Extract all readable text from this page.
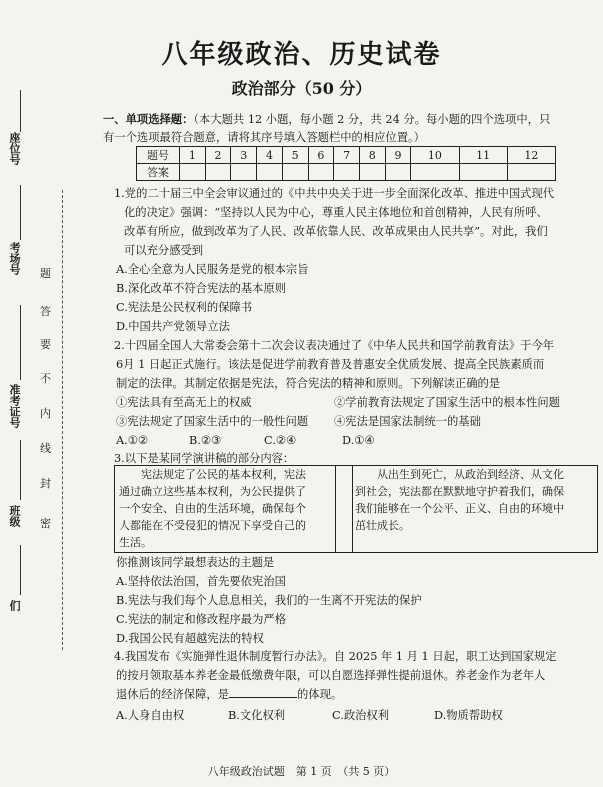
座位号
考场号
准考证号
班级
们
题
答
要
不
内
线
封
密
八年级政治、历史试卷
政治部分（50 分）
一、单项选择题：（本大题共 12 小题，每小题 2 分，共 24 分。每小题的四个选项中，只
有一个选项最符合题意，请将其序号填入答题栏中的相应位置。）
题号	1	2	3	4	5	6	7	8	9	10	11	12
答案												
1.党的二十届三中全会审议通过的《中共中央关于进一步全面深化改革、推进中国式现代
化的决定》强调：“坚持以人民为中心，尊重人民主体地位和首创精神，人民有所呼、
改革有所应，做到改革为了人民、改革依靠人民、改革成果由人民共享”。对此，我们
可以充分感受到
A.全心全意为人民服务是党的根本宗旨
B.深化改革不符合宪法的基本原则
C.宪法是公民权利的保障书
D.中国共产党领导立法
2.十四届全国人大常委会第十二次会议表决通过了《中华人民共和国学前教育法》于今年
6月 1 日起正式施行。该法是促进学前教育普及普惠安全优质发展、提高全民族素质而
制定的法律。其制定依据是宪法，符合宪法的精神和原则。下列解读正确的是
①宪法具有至高无上的权威	②学前教育法规定了国家生活中的根本性问题
③宪法规定了国家生活中的一般性问题 ④宪法是国家法制统一的基础
A.①②	B.②③	C.②④	D.①④
3.以下是某同学演讲稿的部分内容：
宪法规定了公民的基本权利，宪法
通过确立这些基本权利，为公民提供了
一个安全、自由的生活环境，确保每个
人都能在不受侵犯的情况下享受自己的
生活。
从出生到死亡，从政治到经济、从文化
到社会，宪法都在默默地守护着我们，确保
我们能够在一个公平、正义、自由的环境中
茁壮成长。
你推测该同学最想表达的主题是
A.坚持依法治国，首先要依宪治国
B.宪法与我们每个人息息相关，我们的一生离不开宪法的保护
C.宪法的制定和修改程序最为严格
D.我国公民有超越宪法的特权
4.我国发布《实施弹性退休制度暂行办法》。自 2025 年 1 月 1 日起，职工达到国家规定
的按月领取基本养老金最低缴费年限，可以自愿选择弹性提前退休。养老金作为老年人
退休后的经济保障，是	的体现。
A.人身自由权	B.文化权利	C.政治权利	D.物质帮助权
八年级政治试题　第 1 页　（共 5 页）
